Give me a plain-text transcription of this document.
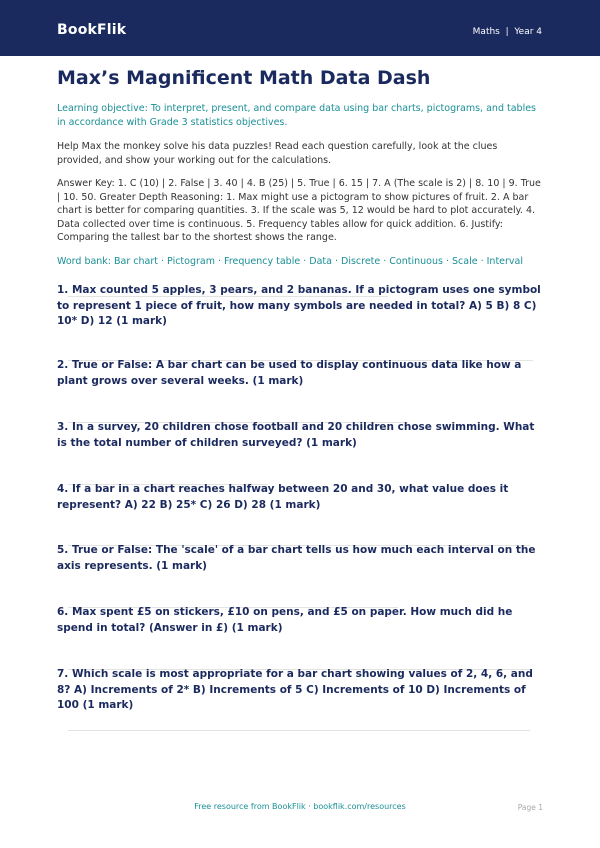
BookFlik	Maths  |  Year 4
Max’s Magnificent Math Data Dash
Learning objective: To interpret, present, and compare data using bar charts, pictograms, and tables in accordance with Grade 3 statistics objectives.
Help Max the monkey solve his data puzzles! Read each question carefully, look at the clues provided, and show your working out for the calculations.
Answer Key: 1. C (10) | 2. False | 3. 40 | 4. B (25) | 5. True | 6. 15 | 7. A (The scale is 2) | 8. 10 | 9. True | 10. 50. Greater Depth Reasoning: 1. Max might use a pictogram to show pictures of fruit. 2. A bar chart is better for comparing quantities. 3. If the scale was 5, 12 would be hard to plot accurately. 4. Data collected over time is continuous. 5. Frequency tables allow for quick addition. 6. Justify: Comparing the tallest bar to the shortest shows the range.
Word bank: Bar chart · Pictogram · Frequency table · Data · Discrete · Continuous · Scale · Interval
1. Max counted 5 apples, 3 pears, and 2 bananas. If a pictogram uses one symbol to represent 1 piece of fruit, how many symbols are needed in total? A) 5 B) 8 C) 10* D) 12 (1 mark)
2. True or False: A bar chart can be used to display continuous data like how a plant grows over several weeks. (1 mark)
3. In a survey, 20 children chose football and 20 children chose swimming. What is the total number of children surveyed? (1 mark)
4. If a bar in a chart reaches halfway between 20 and 30, what value does it represent? A) 22 B) 25* C) 26 D) 28 (1 mark)
5. True or False: The 'scale' of a bar chart tells us how much each interval on the axis represents. (1 mark)
6. Max spent £5 on stickers, £10 on pens, and £5 on paper. How much did he spend in total? (Answer in £) (1 mark)
7. Which scale is most appropriate for a bar chart showing values of 2, 4, 6, and 8? A) Increments of 2* B) Increments of 5 C) Increments of 10 D) Increments of 100 (1 mark)
Free resource from BookFlik · bookflik.com/resources	Page 1
